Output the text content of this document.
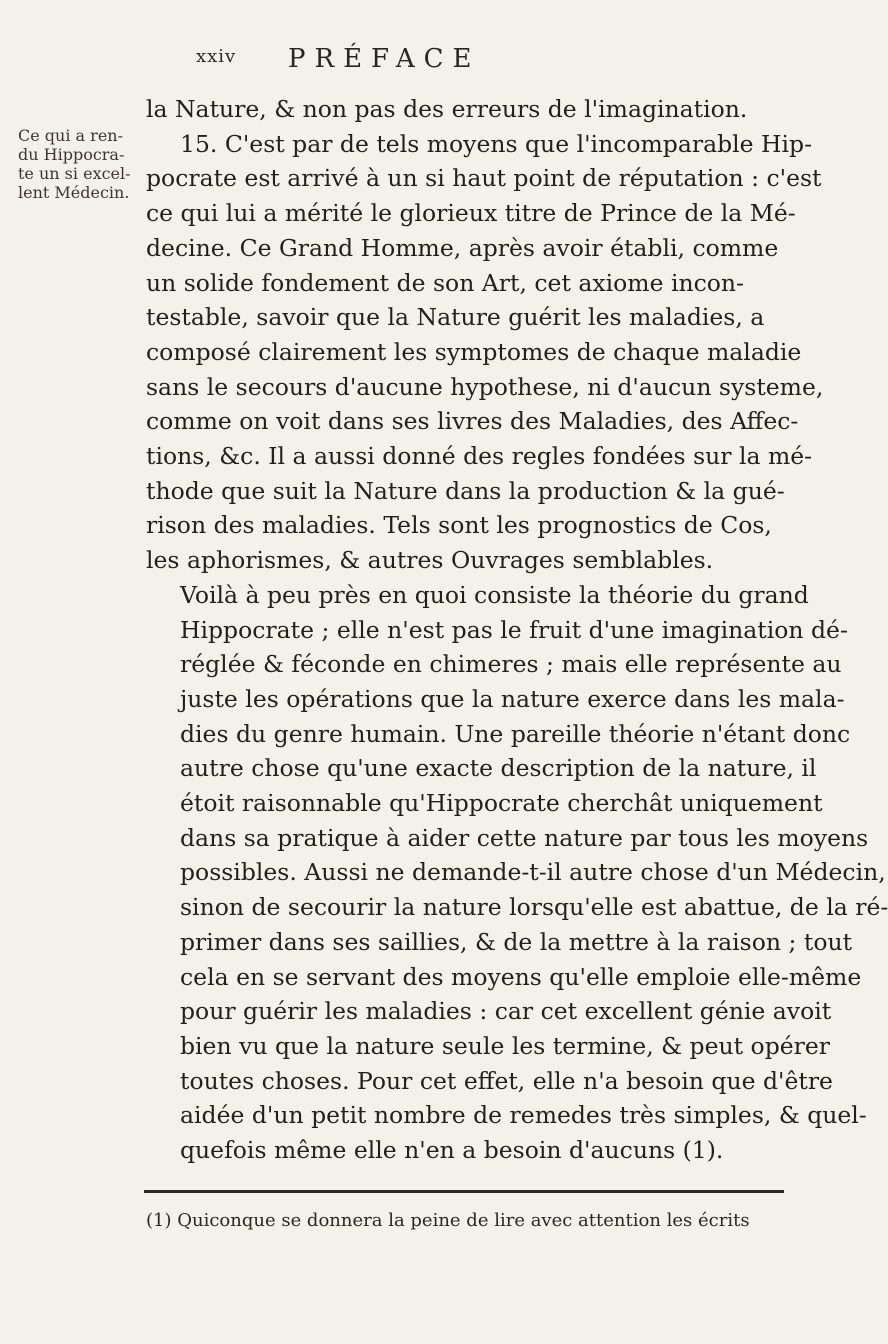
xxiv PRÉFACE
Ce qui a ren-
du Hippocra-
te un si excel-
lent Médecin.
la Nature, & non pas des erreurs de l'imagination.
15. C'est par de tels moyens que l'incomparable Hip-
pocrate est arrivé à un si haut point de réputation : c'est
ce qui lui a mérité le glorieux titre de Prince de la Mé-
decine. Ce Grand Homme, après avoir établi, comme
un solide fondement de son Art, cet axiome incon-
testable, savoir que la Nature guérit les maladies, a
composé clairement les symptomes de chaque maladie
sans le secours d'aucune hypothese, ni d'aucun systeme,
comme on voit dans ses livres des Maladies, des Affec-
tions, &c. Il a aussi donné des regles fondées sur la mé-
thode que suit la Nature dans la production & la gué-
rison des maladies. Tels sont les prognostics de Cos,
les aphorismes, & autres Ouvrages semblables.
Voilà à peu près en quoi consiste la théorie du grand
Hippocrate ; elle n'est pas le fruit d'une imagination dé-
réglée & féconde en chimeres ; mais elle représente au
juste les opérations que la nature exerce dans les mala-
dies du genre humain. Une pareille théorie n'étant donc
autre chose qu'une exacte description de la nature, il
étoit raisonnable qu'Hippocrate cherchât uniquement
dans sa pratique à aider cette nature par tous les moyens
possibles. Aussi ne demande-t-il autre chose d'un Médecin,
sinon de secourir la nature lorsqu'elle est abattue, de la ré-
primer dans ses saillies, & de la mettre à la raison ; tout
cela en se servant des moyens qu'elle emploie elle-même
pour guérir les maladies : car cet excellent génie avoit
bien vu que la nature seule les termine, & peut opérer
toutes choses. Pour cet effet, elle n'a besoin que d'être
aidée d'un petit nombre de remedes très simples, & quel-
quefois même elle n'en a besoin d'aucuns (1).
(1) Quiconque se donnera la peine de lire avec attention les écrits
